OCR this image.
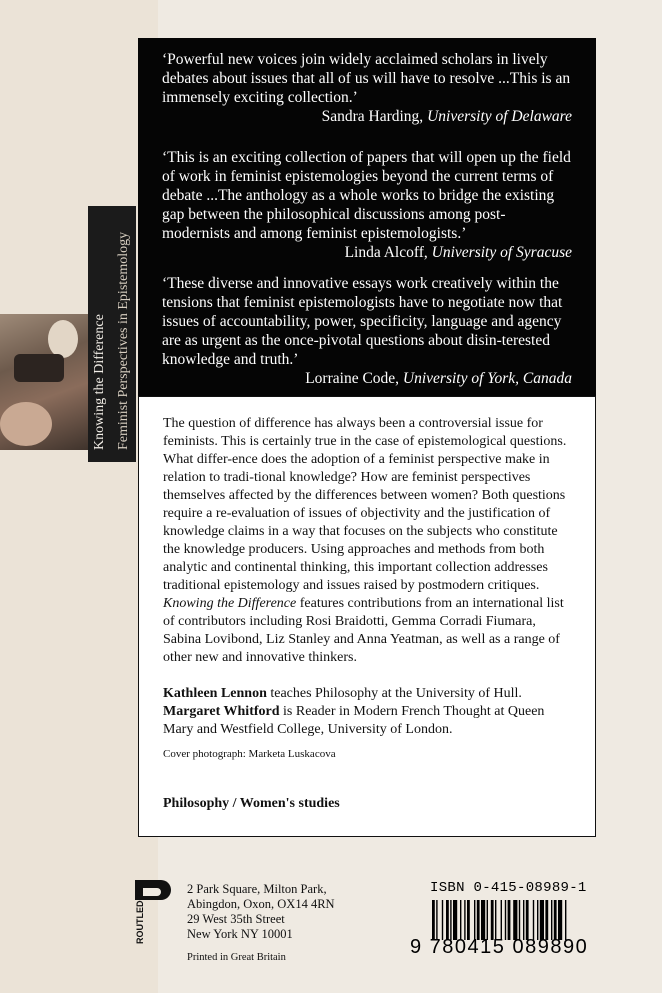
Knowing the Difference Feminist Perspectives in Epistemology

‘Powerful new voices join widely acclaimed scholars in lively debates about issues that all of us will have to resolve ...This is an immensely exciting collection.’

Sandra Harding, University of Delaware

‘This is an exciting collection of papers that will open up the field of work in feminist epistemologies beyond the current terms of debate ...The anthology as a whole works to bridge the existing gap between the philosophical discussions among post-modernists and among feminist epistemologists.’

Linda Alcoff, University of Syracuse

‘These diverse and innovative essays work creatively within the tensions that feminist epistemologists have to negotiate now that issues of accountability, power, specificity, language and agency are as urgent as the once-pivotal questions about disin-terested knowledge and truth.’

Lorraine Code, University of York, Canada

The question of difference has always been a controversial issue for feminists. This is certainly true in the case of epistemological questions. What differ-ence does the adoption of a feminist perspective make in relation to tradi-tional knowledge? How are feminist perspectives themselves affected by the differences between women? Both questions require a re-evaluation of issues of objectivity and the justification of knowledge claims in a way that focuses on the subjects who constitute the knowledge producers. Using approaches and methods from both analytic and continental thinking, this important collection addresses traditional epistemology and issues raised by postmodern critiques.

Knowing the Difference features contributions from an international list of contributors including Rosi Braidotti, Gemma Corradi Fiumara, Sabina Lovibond, Liz Stanley and Anna Yeatman, as well as a range of other new and innovative thinkers.

Kathleen Lennon teaches Philosophy at the University of Hull. Margaret Whitford is Reader in Modern French Thought at Queen Mary and Westfield College, University of London.

Cover photograph: Marketa Luskacova

Philosophy / Women's studies

ROUTLEDGE	2 Park Square, Milton Park,
Abingdon, Oxon, OX14 4RN
29 West 35th Street
New York NY 10001
Printed in Great Britain
ISBN 0-415-08989-1
9 780415 089890
